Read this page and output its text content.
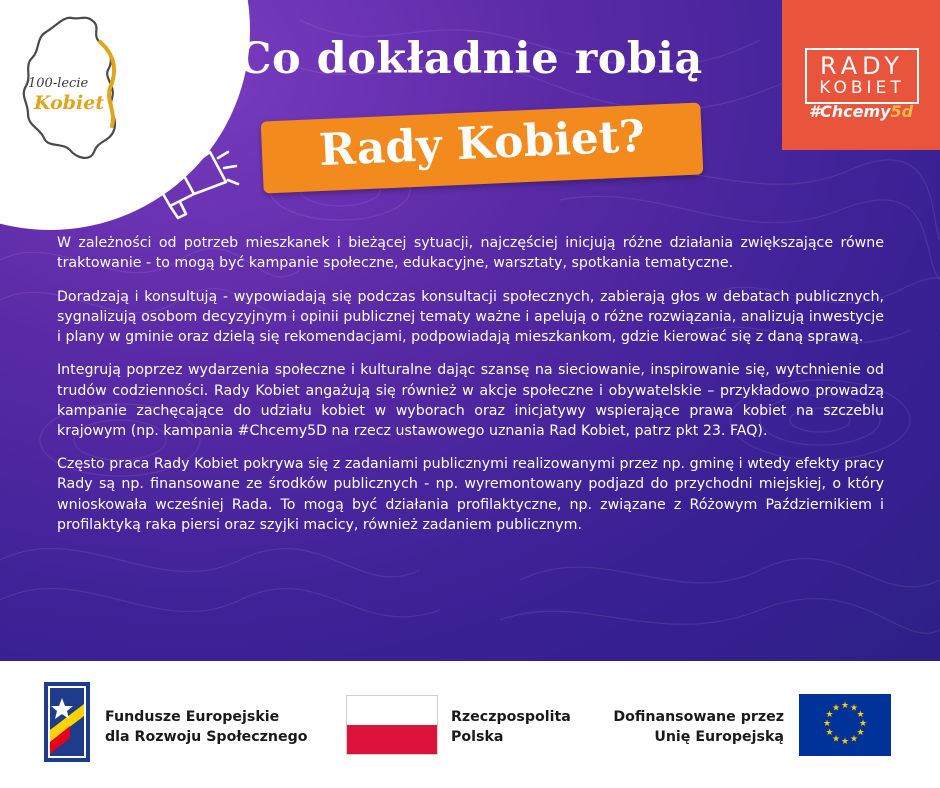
100-lecie
Kobiet
Co dokładnie robią
Rady Kobiet?
RADY
KOBIET
#Chcemy5d

W zależności od potrzeb mieszkanek i bieżącej sytuacji, najczęściej inicjują różne działania zwiększające równe traktowanie - to mogą być kampanie społeczne, edukacyjne, warsztaty, spotkania tematyczne.

Doradzają i konsultują - wypowiadają się podczas konsultacji społecznych, zabierają głos w debatach publicznych, sygnalizują osobom decyzyjnym i opinii publicznej tematy ważne i apelują o różne rozwiązania, analizują inwestycje i plany w gminie oraz dzielą się rekomendacjami, podpowiadają mieszkankom, gdzie kierować się z daną sprawą.

Integrują poprzez wydarzenia społeczne i kulturalne dając szansę na sieciowanie, inspirowanie się, wytchnienie od trudów codzienności. Rady Kobiet angażują się również w akcje społeczne i obywatelskie – przykładowo prowadzą kampanie zachęcające do udziału kobiet w wyborach oraz inicjatywy wspierające prawa kobiet na szczeblu krajowym (np. kampania #Chcemy5D na rzecz ustawowego uznania Rad Kobiet, patrz pkt 23. FAQ).

Często praca Rady Kobiet pokrywa się z zadaniami publicznymi realizowanymi przez np. gminę i wtedy efekty pracy Rady są np. finansowane ze środków publicznych - np. wyremontowany podjazd do przychodni miejskiej, o który wnioskowała wcześniej Rada. To mogą być działania profilaktyczne, np. związane z Różowym Październikiem i profilaktyką raka piersi oraz szyjki macicy, również zadaniem publicznym.

Fundusze Europejskie
dla Rozwoju Społecznego
Rzeczpospolita
Polska
Dofinansowane przez
Unię Europejską
★ ★
★
★
★
★
★
★
★
★
★
★
